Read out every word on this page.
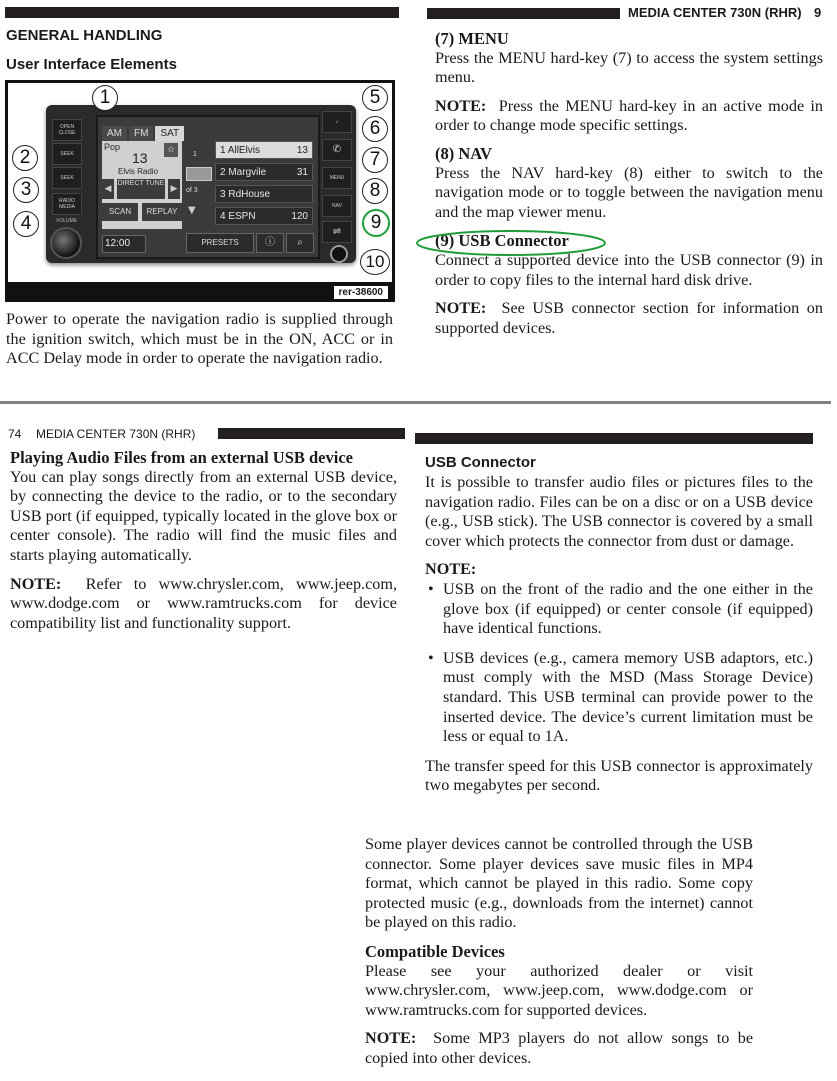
GENERAL HANDLING
User Interface Elements
OPEN CLOSE
SEEK
SEEK
RADIO MEDIA
VOLUME
♪
✆
MENU
NAV
⇌
AM FM SAT
Pop
13
Elvis Radio
☆
◀
DIRECT TUNE
▶
SCAN	REPLAY
12:00
1
of 3
▼
1 AllElvis	13
2 Margvile	31
3 RdHouse
4 ESPN	120
PRESETS	ⓘ	⌕
1
2
3
4
5
6
7
8
9
10
rer-38600
Power to operate the navigation radio is supplied through the ignition switch, which must be in the ON, ACC or in ACC Delay mode in order to operate the navigation radio.
MEDIA CENTER 730N (RHR) 9
(7) MENU

Press the MENU hard-key (7) to access the system settings menu.

NOTE: Press the MENU hard-key in an active mode in order to change mode specific settings.

(8) NAV

Press the NAV hard-key (8) either to switch to the navigation mode or to toggle between the navigation menu and the map viewer menu.

(9) USB Connector

Connect a supported device into the USB connector (9) in order to copy files to the internal hard disk drive.

NOTE: See USB connector section for information on supported devices.

74 MEDIA CENTER 730N (RHR)
Playing Audio Files from an external USB device

You can play songs directly from an external USB device, by connecting the device to the radio, or to the secondary USB port (if equipped, typically located in the glove box or center console). The radio will find the music files and starts playing automatically.

NOTE: Refer to www.chrysler.com, www.jeep.com, www.dodge.com or www.ramtrucks.com for device compatibility list and functionality support.

USB Connector

It is possible to transfer audio files or pictures files to the navigation radio. Files can be on a disc or on a USB device (e.g., USB stick). The USB connector is covered by a small cover which protects the connector from dust or damage.

NOTE:

• USB on the front of the radio and the one either in the glove box (if equipped) or center console (if equipped) have identical functions.
• USB devices (e.g., camera memory USB adaptors, etc.) must comply with the MSD (Mass Storage Device) standard. This USB terminal can provide power to the inserted device. The device’s current limitation must be less or equal to 1A.

The transfer speed for this USB connector is approximately two megabytes per second.

Some player devices cannot be controlled through the USB connector. Some player devices save music files in MP4 format, which cannot be played in this radio. Some copy protected music (e.g., downloads from the internet) cannot be played on this radio.

Compatible Devices

Please see your authorized dealer or visit www.chrysler.com, www.jeep.com, www.dodge.com or www.ramtrucks.com for supported devices.

NOTE: Some MP3 players do not allow songs to be copied into other devices.
